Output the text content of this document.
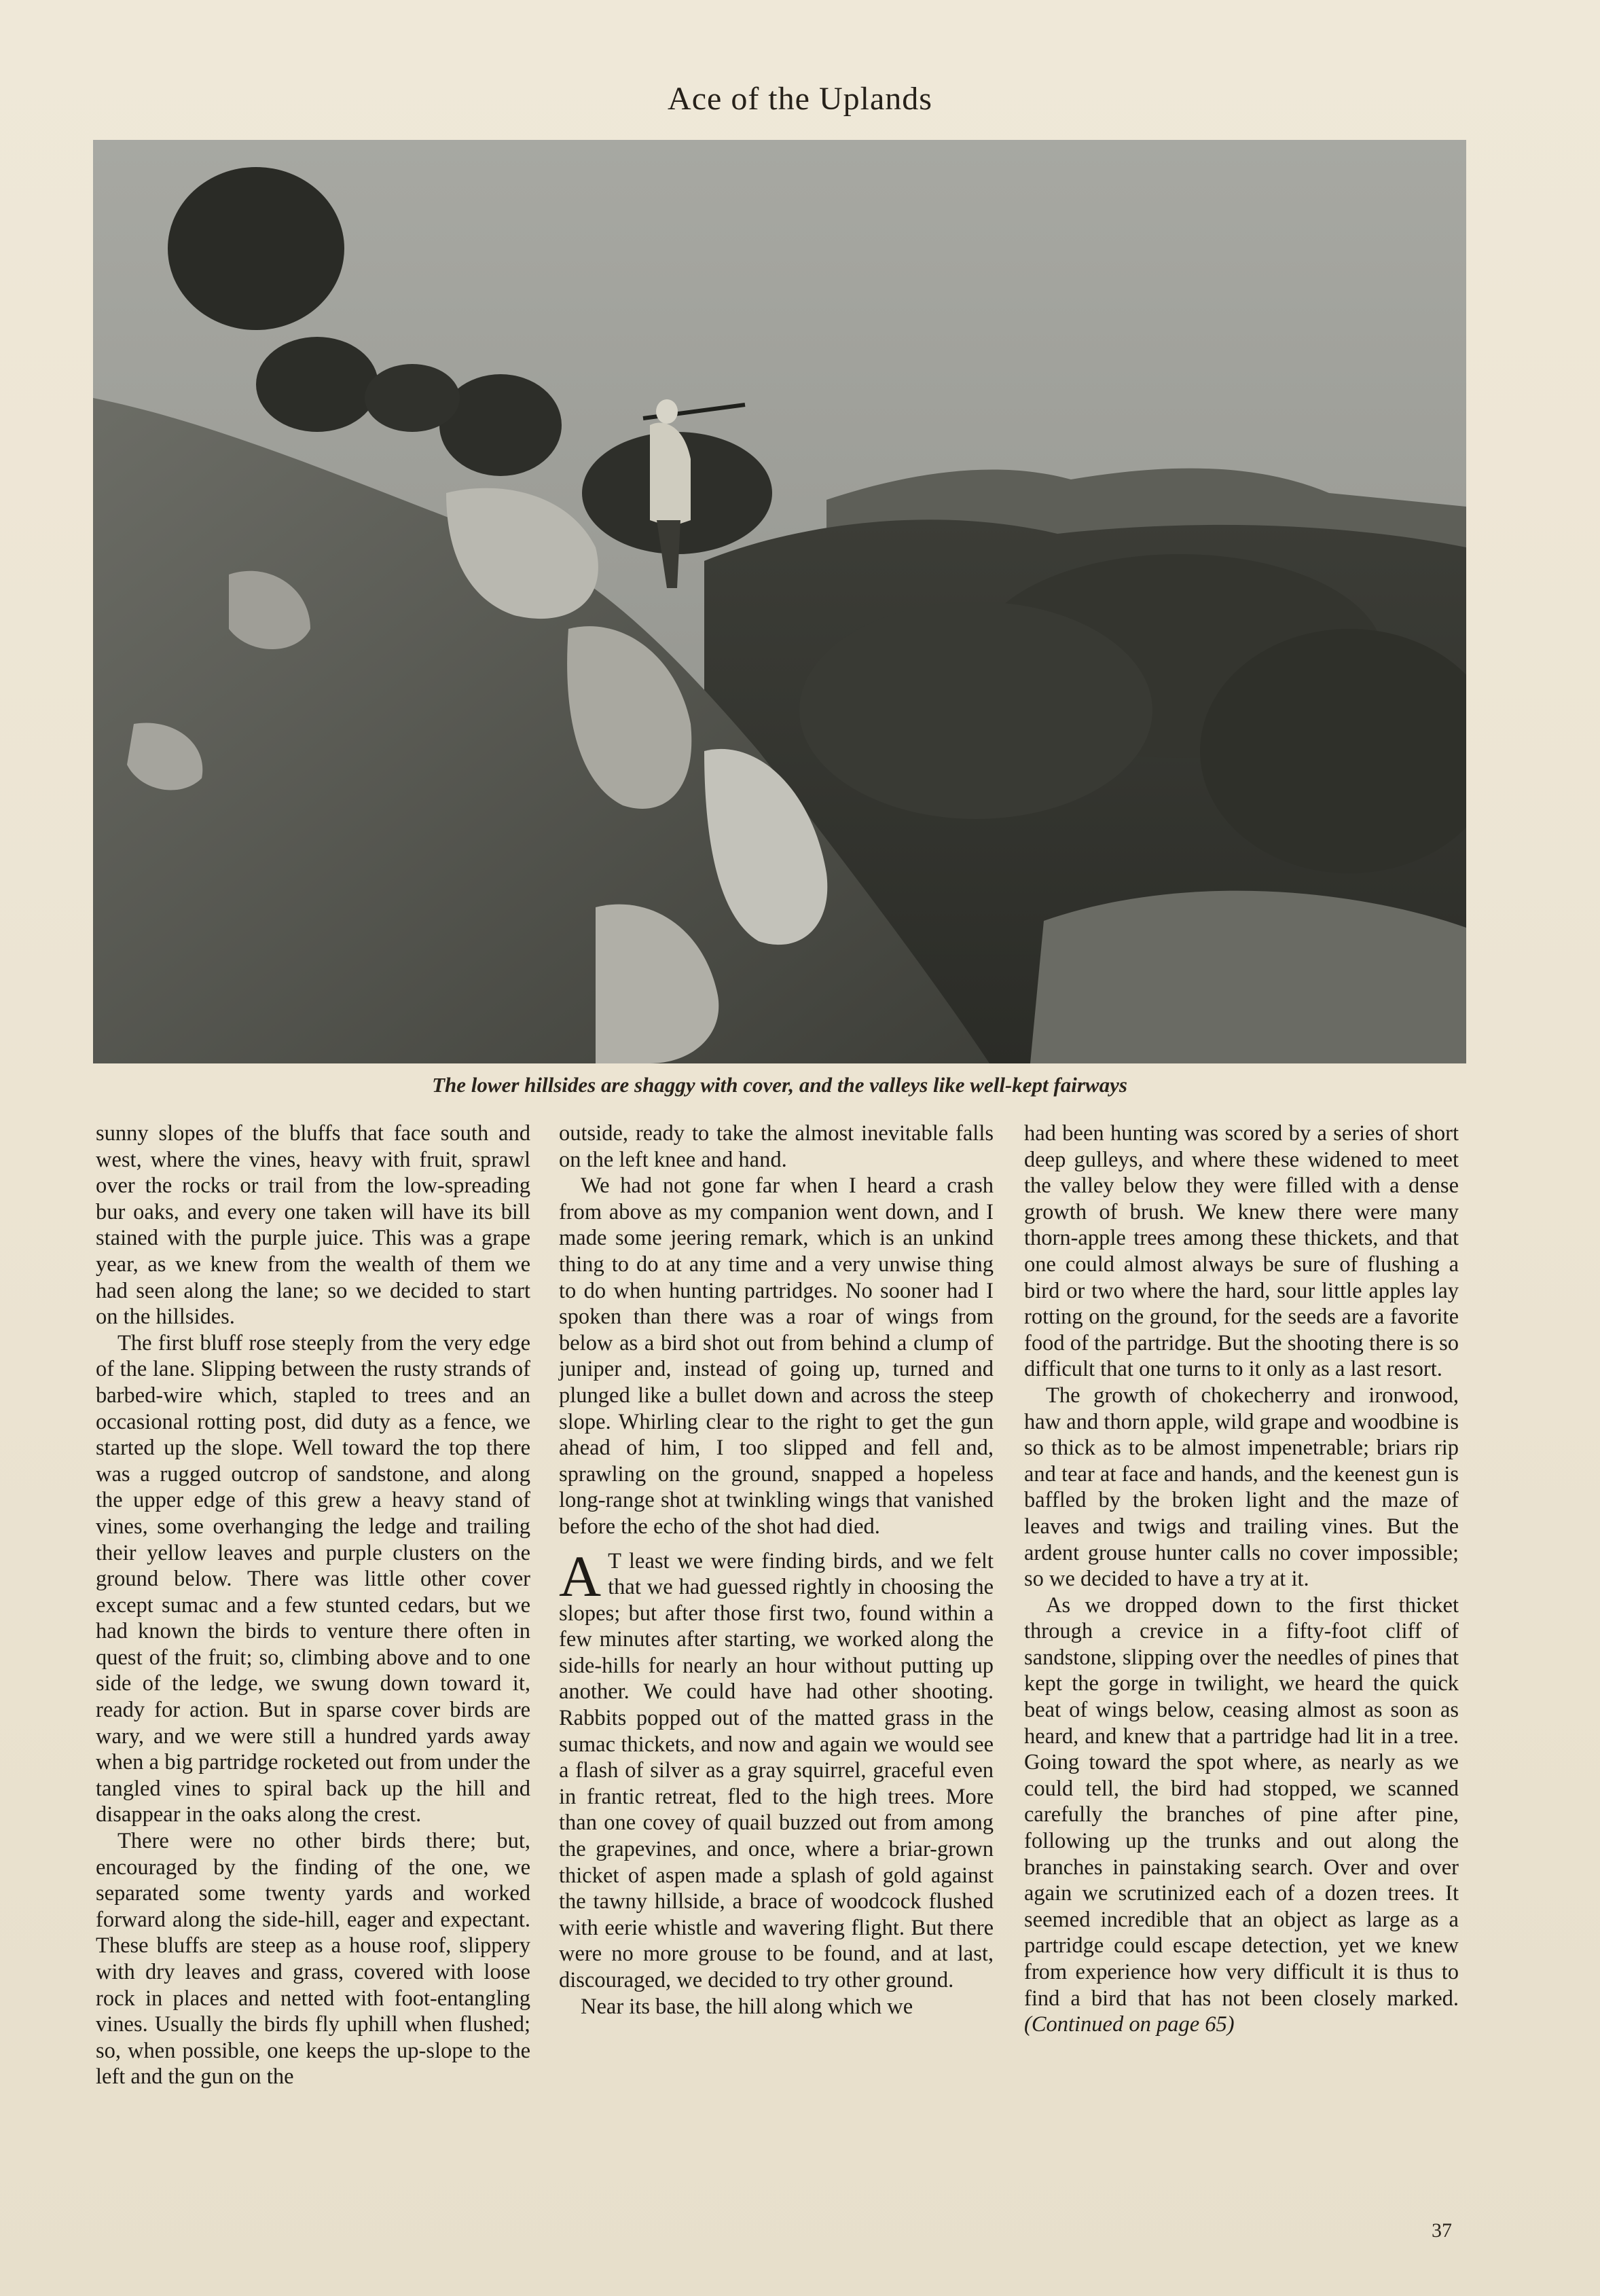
Ace of the Uplands
The lower hillsides are shaggy with cover, and the valleys like well-kept fairways

sunny slopes of the bluffs that face south and west, where the vines, heavy with fruit, sprawl over the rocks or trail from the low-spreading bur oaks, and every one taken will have its bill stained with the purple juice. This was a grape year, as we knew from the wealth of them we had seen along the lane; so we decided to start on the hillsides.

The first bluff rose steeply from the very edge of the lane. Slipping between the rusty strands of barbed-wire which, stapled to trees and an occasional rotting post, did duty as a fence, we started up the slope. Well toward the top there was a rugged outcrop of sandstone, and along the upper edge of this grew a heavy stand of vines, some overhanging the ledge and trailing their yellow leaves and purple clusters on the ground below. There was little other cover except sumac and a few stunted cedars, but we had known the birds to venture there often in quest of the fruit; so, climbing above and to one side of the ledge, we swung down toward it, ready for action. But in sparse cover birds are wary, and we were still a hundred yards away when a big partridge rocketed out from under the tangled vines to spiral back up the hill and disappear in the oaks along the crest.

There were no other birds there; but, encouraged by the finding of the one, we separated some twenty yards and worked forward along the side-hill, eager and expectant. These bluffs are steep as a house roof, slippery with dry leaves and grass, covered with loose rock in places and netted with foot-entangling vines. Usually the birds fly uphill when flushed; so, when possible, one keeps the up-slope to the left and the gun on the

outside, ready to take the almost inevitable falls on the left knee and hand.

We had not gone far when I heard a crash from above as my companion went down, and I made some jeering remark, which is an unkind thing to do at any time and a very unwise thing to do when hunting partridges. No sooner had I spoken than there was a roar of wings from below as a bird shot out from behind a clump of juniper and, instead of going up, turned and plunged like a bullet down and across the steep slope. Whirling clear to the right to get the gun ahead of him, I too slipped and fell and, sprawling on the ground, snapped a hopeless long-range shot at twinkling wings that vanished before the echo of the shot had died.

A T least we were finding birds, and we felt that we had guessed rightly in choosing the slopes; but after those first two, found within a few minutes after starting, we worked along the side-hills for nearly an hour without putting up another. We could have had other shooting. Rabbits popped out of the matted grass in the sumac thickets, and now and again we would see a flash of silver as a gray squirrel, graceful even in frantic retreat, fled to the high trees. More than one covey of quail buzzed out from among the grapevines, and once, where a briar-grown thicket of aspen made a splash of gold against the tawny hillside, a brace of woodcock flushed with eerie whistle and wavering flight. But there were no more grouse to be found, and at last, discouraged, we decided to try other ground.

Near its base, the hill along which we

had been hunting was scored by a series of short deep gulleys, and where these widened to meet the valley below they were filled with a dense growth of brush. We knew there were many thorn-apple trees among these thickets, and that one could almost always be sure of flushing a bird or two where the hard, sour little apples lay rotting on the ground, for the seeds are a favorite food of the partridge. But the shooting there is so difficult that one turns to it only as a last resort.

The growth of chokecherry and ironwood, haw and thorn apple, wild grape and woodbine is so thick as to be almost impenetrable; briars rip and tear at face and hands, and the keenest gun is baffled by the broken light and the maze of leaves and twigs and trailing vines. But the ardent grouse hunter calls no cover impossible; so we decided to have a try at it.

As we dropped down to the first thicket through a crevice in a fifty-foot cliff of sandstone, slipping over the needles of pines that kept the gorge in twilight, we heard the quick beat of wings below, ceasing almost as soon as heard, and knew that a partridge had lit in a tree. Going toward the spot where, as nearly as we could tell, the bird had stopped, we scanned carefully the branches of pine after pine, following up the trunks and out along the branches in painstaking search. Over and over again we scrutinized each of a dozen trees. It seemed incredible that an object as large as a partridge could escape detection, yet we knew from experience how very difficult it is thus to find a bird that has not been closely marked. (Continued on page 65)

37
